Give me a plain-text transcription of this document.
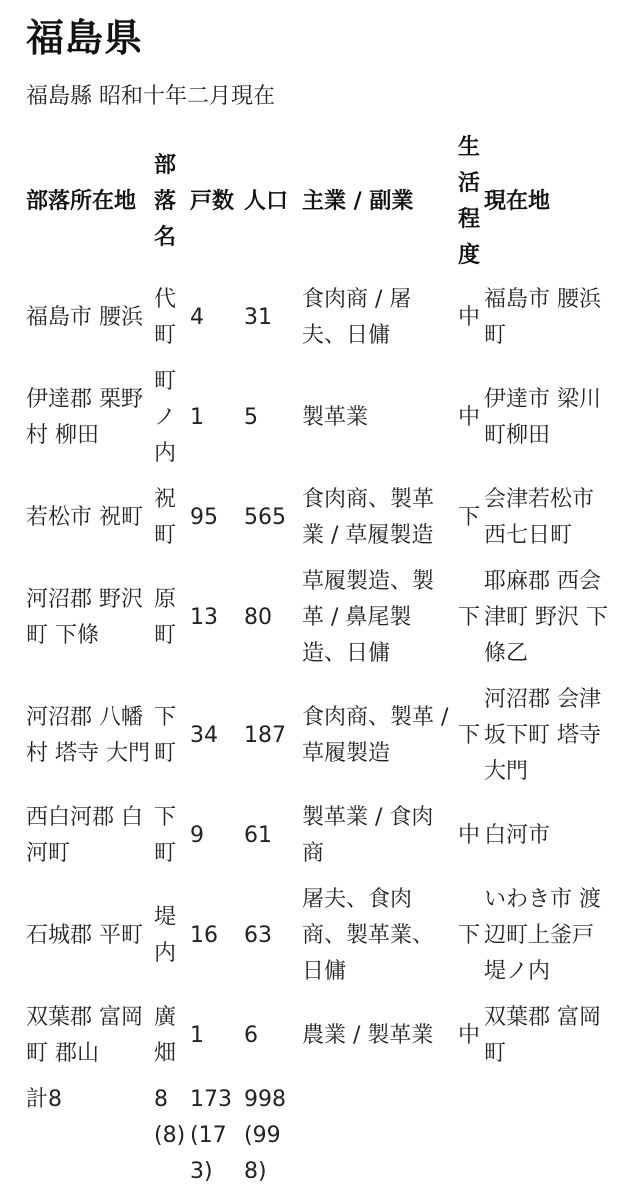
福島県
福島縣 昭和十年二月現在
部落所在地	部落名	戸数	人口	主業 / 副業	生活程度	現在地
福島市 腰浜	代町	4	31	食肉商 / 屠夫、日傭	中	福島市 腰浜町
伊達郡 栗野村 柳田	町ノ内	1	5	製革業	中	伊達市 梁川町柳田
若松市 祝町	祝町	95	565	食肉商、製革業 / 草履製造	下	会津若松市西七日町
河沼郡 野沢町 下條	原町	13	80	草履製造、製革 / 鼻尾製造、日傭	下	耶麻郡 西会津町 野沢 下條乙
河沼郡 八幡村 塔寺 大門	下町	34	187	食肉商、製革 / 草履製造	下	河沼郡 会津坂下町 塔寺 大門
西白河郡 白河町	下町	9	61	製革業 / 食肉商	中	白河市
石城郡 平町	堤内	16	63	屠夫、食肉商、製革業、日傭	下	いわき市 渡辺町上釜戸 堤ノ内
双葉郡 富岡町 郡山	廣畑	1	6	農業 / 製革業	中	双葉郡 富岡町
計8	8 (8)	173 (173)	998 (998)			
